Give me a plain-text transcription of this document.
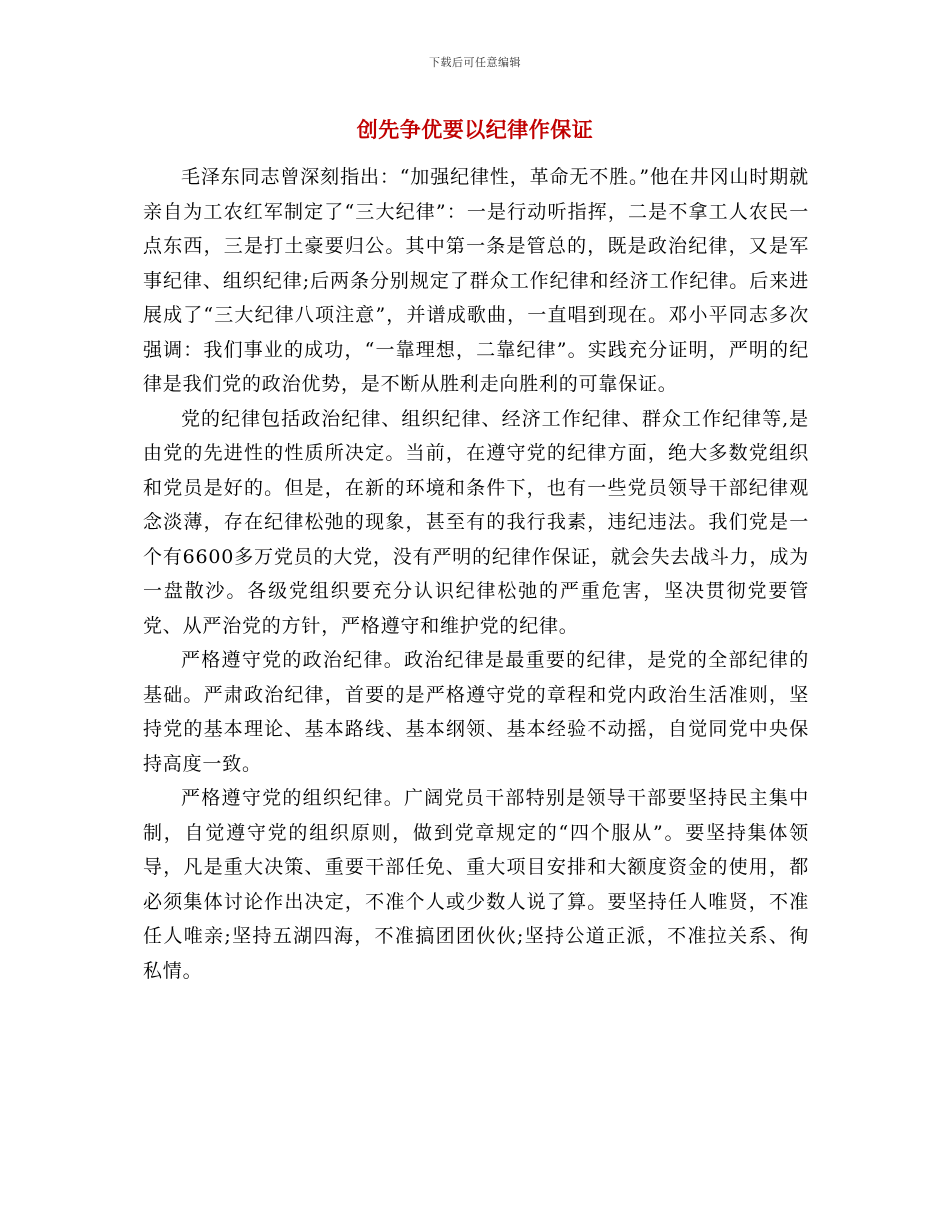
下载后可任意编辑
创先争优要以纪律作保证

毛泽东同志曾深刻指出：“加强纪律性，革命无不胜。”他在井冈山时期就亲自为工农红军制定了“三大纪律”：一是行动听指挥，二是不拿工人农民一点东西，三是打土豪要归公。其中第一条是管总的，既是政治纪律，又是军事纪律、组织纪律;后两条分别规定了群众工作纪律和经济工作纪律。后来进展成了“三大纪律八项注意”，并谱成歌曲，一直唱到现在。邓小平同志多次强调：我们事业的成功，“一靠理想，二靠纪律”。实践充分证明，严明的纪律是我们党的政治优势，是不断从胜利走向胜利的可靠保证。

党的纪律包括政治纪律、组织纪律、经济工作纪律、群众工作纪律等,是由党的先进性的性质所决定。当前，在遵守党的纪律方面，绝大多数党组织和党员是好的。但是，在新的环境和条件下，也有一些党员领导干部纪律观念淡薄，存在纪律松弛的现象，甚至有的我行我素，违纪违法。我们党是一个有6600多万党员的大党，没有严明的纪律作保证，就会失去战斗力，成为一盘散沙。各级党组织要充分认识纪律松弛的严重危害，坚决贯彻党要管党、从严治党的方针，严格遵守和维护党的纪律。

严格遵守党的政治纪律。政治纪律是最重要的纪律，是党的全部纪律的基础。严肃政治纪律，首要的是严格遵守党的章程和党内政治生活准则，坚持党的基本理论、基本路线、基本纲领、基本经验不动摇，自觉同党中央保持高度一致。

严格遵守党的组织纪律。广阔党员干部特别是领导干部要坚持民主集中制，自觉遵守党的组织原则，做到党章规定的“四个服从”。要坚持集体领导，凡是重大决策、重要干部任免、重大项目安排和大额度资金的使用，都必须集体讨论作出决定，不准个人或少数人说了算。要坚持任人唯贤，不准任人唯亲;坚持五湖四海，不准搞团团伙伙;坚持公道正派，不准拉关系、徇私情。
